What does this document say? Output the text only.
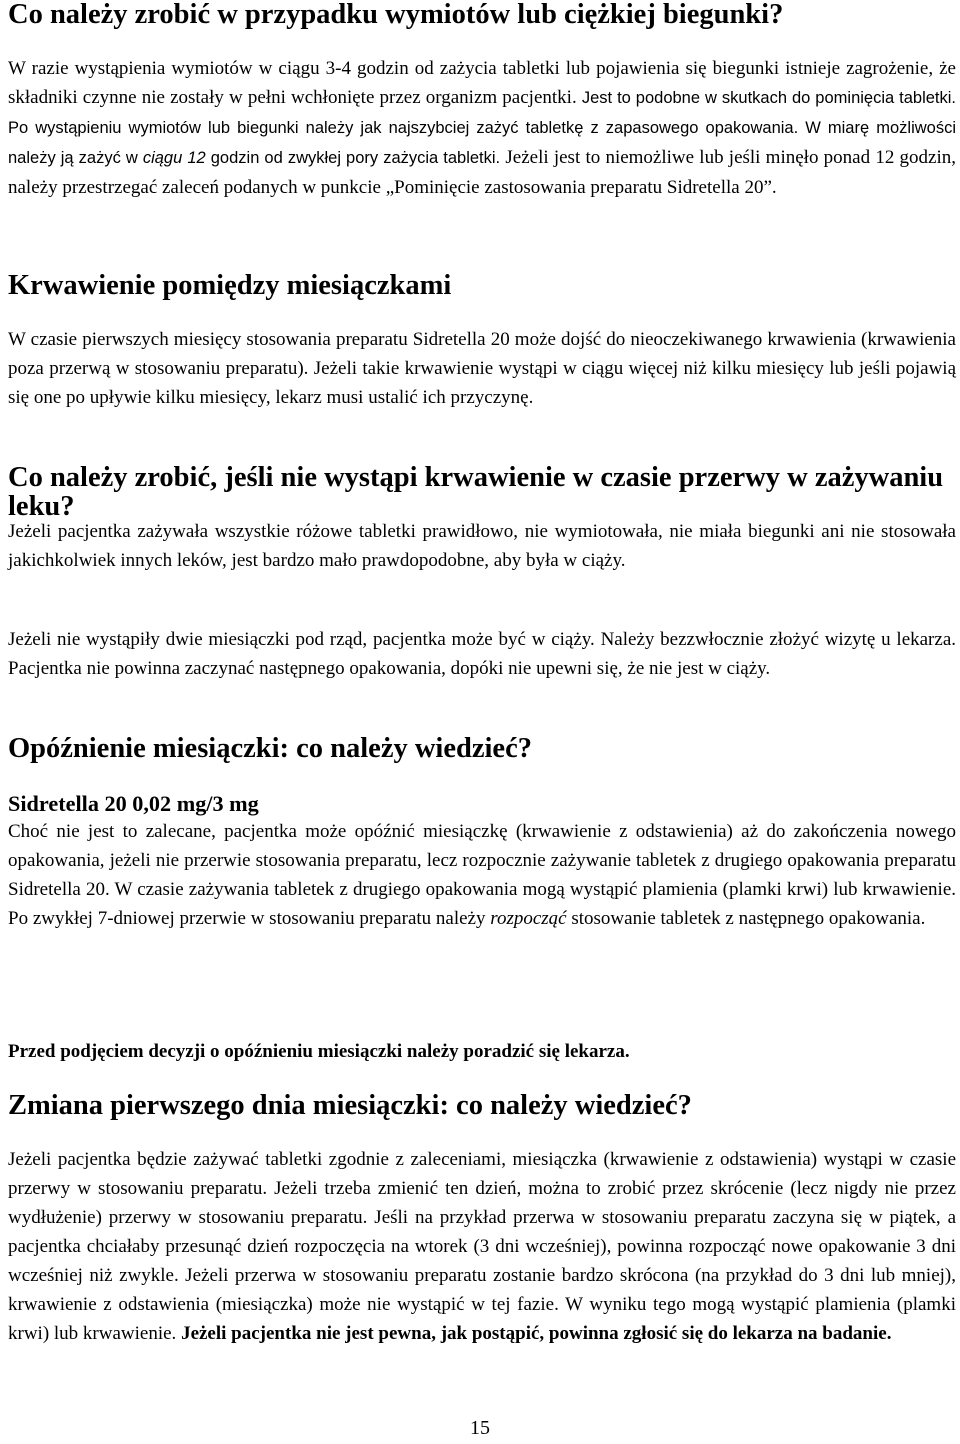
Co należy zrobić w przypadku wymiotów lub ciężkiej biegunki?

W razie wystąpienia wymiotów w ciągu 3-4 godzin od zażycia tabletki lub pojawienia się biegunki istnieje zagrożenie, że składniki czynne nie zostały w pełni wchłonięte przez organizm pacjentki. Jest to podobne w skutkach do pominięcia tabletki. Po wystąpieniu wymiotów lub biegunki należy jak najszybciej zażyć tabletkę z zapasowego opakowania. W miarę możliwości należy ją zażyć w ciągu 12 godzin od zwykłej pory zażycia tabletki. Jeżeli jest to niemożliwe lub jeśli minęło ponad 12 godzin, należy przestrzegać zaleceń podanych w punkcie „Pominięcie zastosowania preparatu Sidretella 20”.

Krwawienie pomiędzy miesiączkami

W czasie pierwszych miesięcy stosowania preparatu Sidretella 20 może dojść do nieoczekiwanego krwawienia (krwawienia poza przerwą w stosowaniu preparatu). Jeżeli takie krwawienie wystąpi w ciągu więcej niż kilku miesięcy lub jeśli pojawią się one po upływie kilku miesięcy, lekarz musi ustalić ich przyczynę.

Co należy zrobić, jeśli nie wystąpi krwawienie w czasie przerwy w zażywaniu leku?

Jeżeli pacjentka zażywała wszystkie różowe tabletki prawidłowo, nie wymiotowała, nie miała biegunki ani nie stosowała jakichkolwiek innych leków, jest bardzo mało prawdopodobne, aby była w ciąży.

Jeżeli nie wystąpiły dwie miesiączki pod rząd, pacjentka może być w ciąży. Należy bezzwłocznie złożyć wizytę u lekarza. Pacjentka nie powinna zaczynać następnego opakowania, dopóki nie upewni się, że nie jest w ciąży.

Opóźnienie miesiączki: co należy wiedzieć?
Sidretella 20 0,02 mg/3 mg

Choć nie jest to zalecane, pacjentka może opóźnić miesiączkę (krwawienie z odstawienia) aż do zakończenia nowego opakowania, jeżeli nie przerwie stosowania preparatu, lecz rozpocznie zażywanie tabletek z drugiego opakowania preparatu Sidretella 20. W czasie zażywania tabletek z drugiego opakowania mogą wystąpić plamienia (plamki krwi) lub krwawienie. Po zwykłej 7-dniowej przerwie w stosowaniu preparatu należy rozpocząć stosowanie tabletek z następnego opakowania.

Przed podjęciem decyzji o opóźnieniu miesiączki należy poradzić się lekarza.

Zmiana pierwszego dnia miesiączki: co należy wiedzieć?

Jeżeli pacjentka będzie zażywać tabletki zgodnie z zaleceniami, miesiączka (krwawienie z odstawienia) wystąpi w czasie przerwy w stosowaniu preparatu. Jeżeli trzeba zmienić ten dzień, można to zrobić przez skrócenie (lecz nigdy nie przez wydłużenie) przerwy w stosowaniu preparatu. Jeśli na przykład przerwa w stosowaniu preparatu zaczyna się w piątek, a pacjentka chciałaby przesunąć dzień rozpoczęcia na wtorek (3 dni wcześniej), powinna rozpocząć nowe opakowanie 3 dni wcześniej niż zwykle. Jeżeli przerwa w stosowaniu preparatu zostanie bardzo skrócona (na przykład do 3 dni lub mniej), krwawienie z odstawienia (miesiączka) może nie wystąpić w tej fazie. W wyniku tego mogą wystąpić plamienia (plamki krwi) lub krwawienie. Jeżeli pacjentka nie jest pewna, jak postąpić, powinna zgłosić się do lekarza na badanie.

15
